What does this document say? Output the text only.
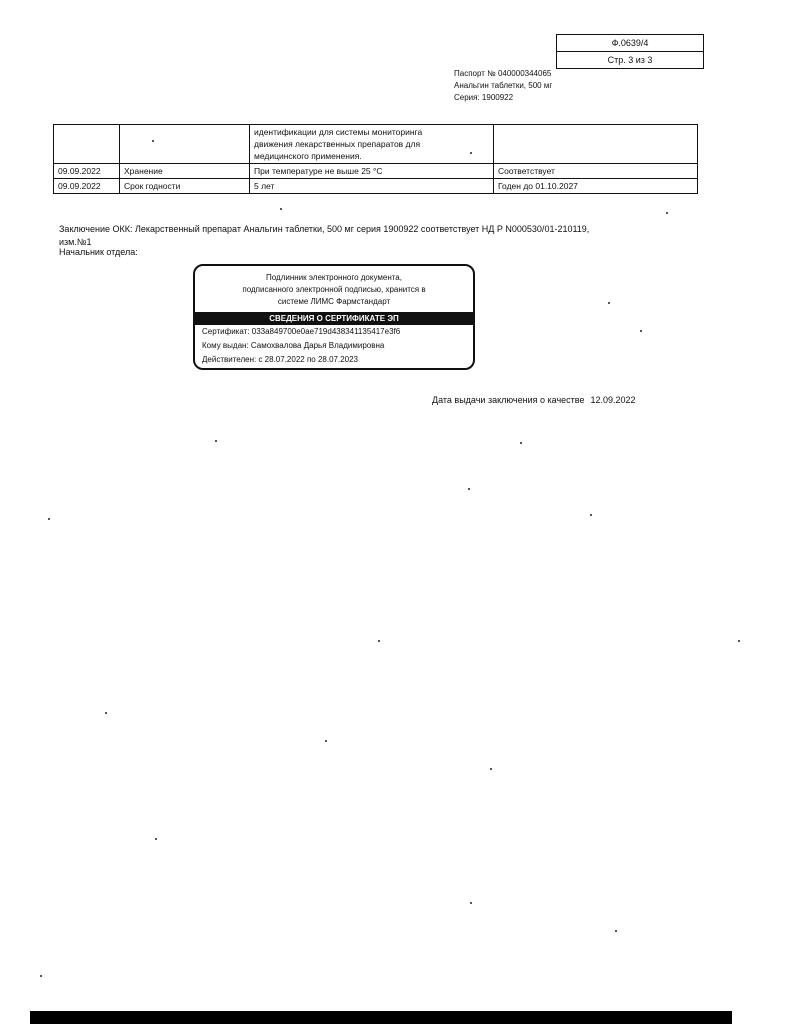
Ф.0639/4
Стр. 3 из 3
Паспорт № 040000344065
Анальгин таблетки, 500 мг
Серия: 1900922

		идентификации для системы мониторинга
движения лекарственных препаратов для
медицинского применения.	

09.09.2022	Хранение	При температуре не выше 25 °С	Соответствует
09.09.2022	Срок годности	5 лет	Годен до 01.10.2027
Заключение ОКК: Лекарственный препарат Анальгин таблетки, 500 мг серия 1900922 соответствует НД Р N000530/01-210119,
изм.№1
Начальник отдела:
Подлинник электронного документа,
подписанного электронной подписью, хранится в
системе ЛИМС Фармстандарт
СВЕДЕНИЯ О СЕРТИФИКАТЕ ЭП
Сертификат: 033a849700e0ae719d438341135417e3f6
Кому выдан: Самохвалова Дарья Владимировна
Действителен: с 28.07.2022 по 28.07.2023
Дата выдачи заключения о качестве 12.09.2022
